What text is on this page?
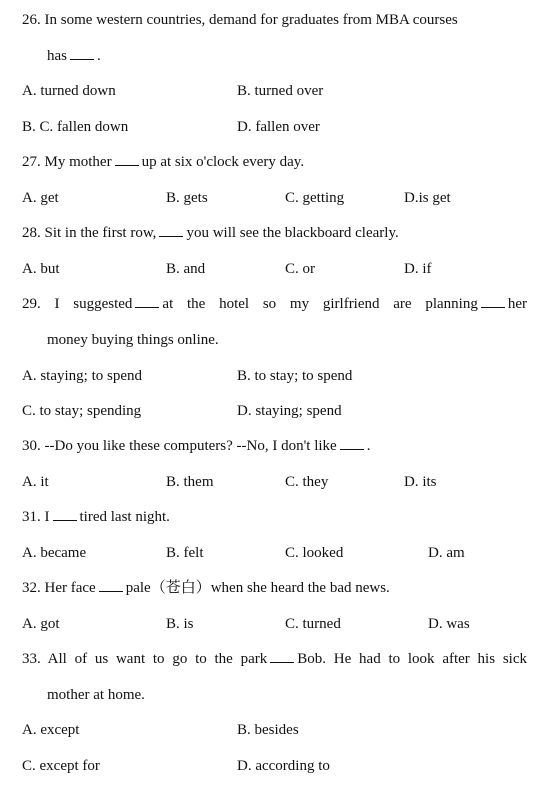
26. In some western countries, demand for graduates from MBA courses
has .
A. turned down	B. turned over
B. C. fallen down	D. fallen over
27. My mother up at six o'clock every day.
A. get	B. gets	C. getting	D.is get
28. Sit in the first row, you will see the blackboard clearly.
A. but	B. and	C. or	D. if
29. I suggested at the hotel so my girlfriend are planning her
money buying things online.
A. staying; to spend	B. to stay; to spend
C. to stay; spending	D. staying; spend
30. --Do you like these computers? --No, I don't like .
A. it	B. them	C. they	D. its
31. I tired last night.
A. became	B. felt	C. looked	D. am
32. Her face pale（苍白）when she heard the bad news.
A. got	B. is	C. turned	D. was
33. All of us want to go to the park Bob. He had to look after his sick
mother at home.
A. except	B. besides
C. except for	D. according to
